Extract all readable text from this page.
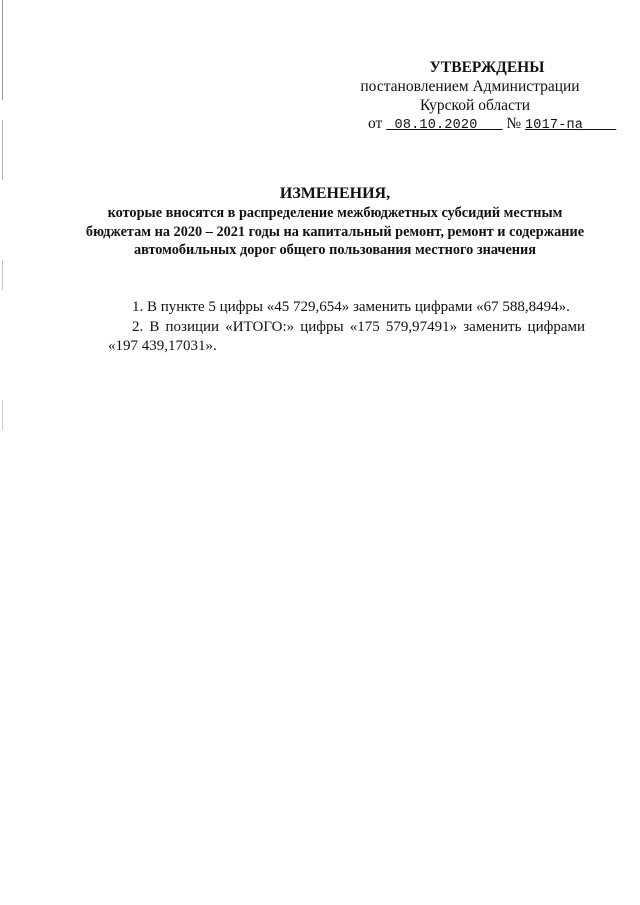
УТВЕРЖДЕНЫ
постановлением Администрации
Курской области
от 08.10.2020 № 1017-па
ИЗМЕНЕНИЯ,
которые вносятся в распределение межбюджетных субсидий местным бюджетам на 2020 – 2021 годы на капитальный ремонт, ремонт и содержание автомобильных дорог общего пользования местного значения

1. В пункте 5 цифры «45 729,654» заменить цифрами «67 588,8494».

2. В позиции «ИТОГО:» цифры «175 579,97491» заменить цифрами «197 439,17031».
